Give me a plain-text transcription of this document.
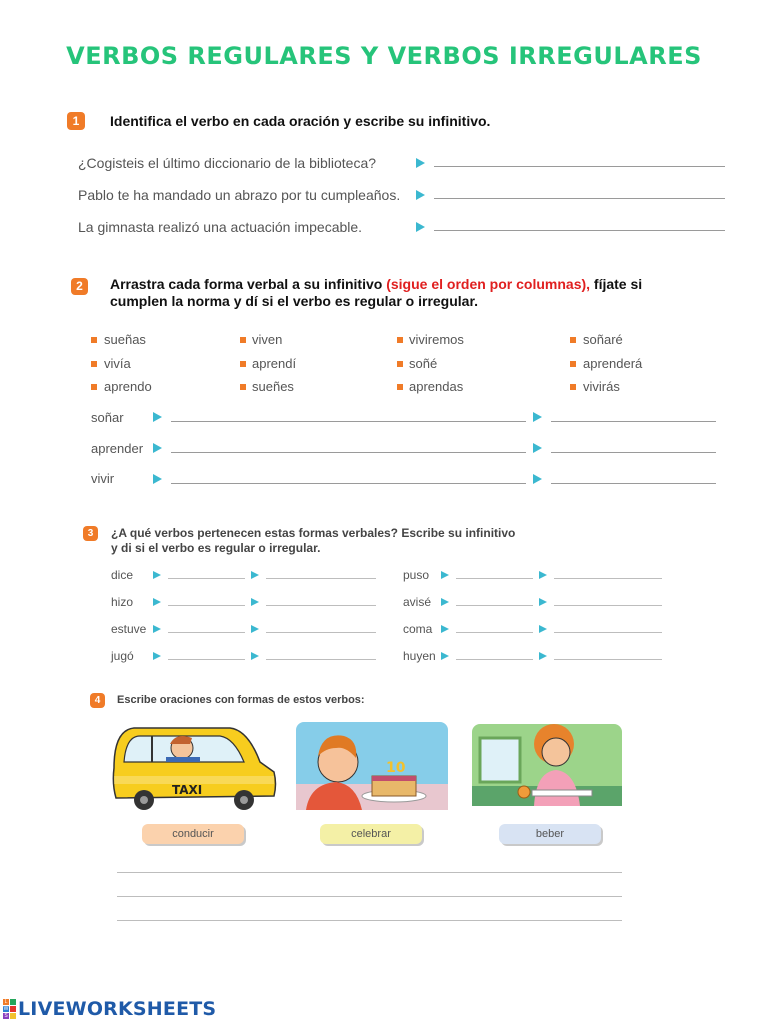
VERBOS REGULARES Y VERBOS IRREGULARES
1	Identifica el verbo en cada oración y escribe su infinitivo.
¿Cogisteis el último diccionario de la biblioteca?
Pablo te ha mandado un abrazo por tu cumpleaños.
La gimnasta realizó una actuación impecable.
2	Arrastra cada forma verbal a su infinitivo (sigue el orden por columnas), fíjate si cumplen la norma y dí si el verbo es regular o irregular.
sueñas
vivía
aprendo
viven
aprendí
sueñes
viviremos
soñé
aprendas
soñaré
aprenderá
vivirás
soñar
aprender
vivir
3	¿A qué verbos pertenecen estas formas verbales? Escribe su infinitivo
y di si el verbo es regular o irregular.
dice
hizo
estuve
jugó
puso
avisé
coma
huyen
4	Escribe oraciones con formas de estos verbos:
TAXI
10
conducir	celebrar	beber
L
W
S LIVEWORKSHEETS
